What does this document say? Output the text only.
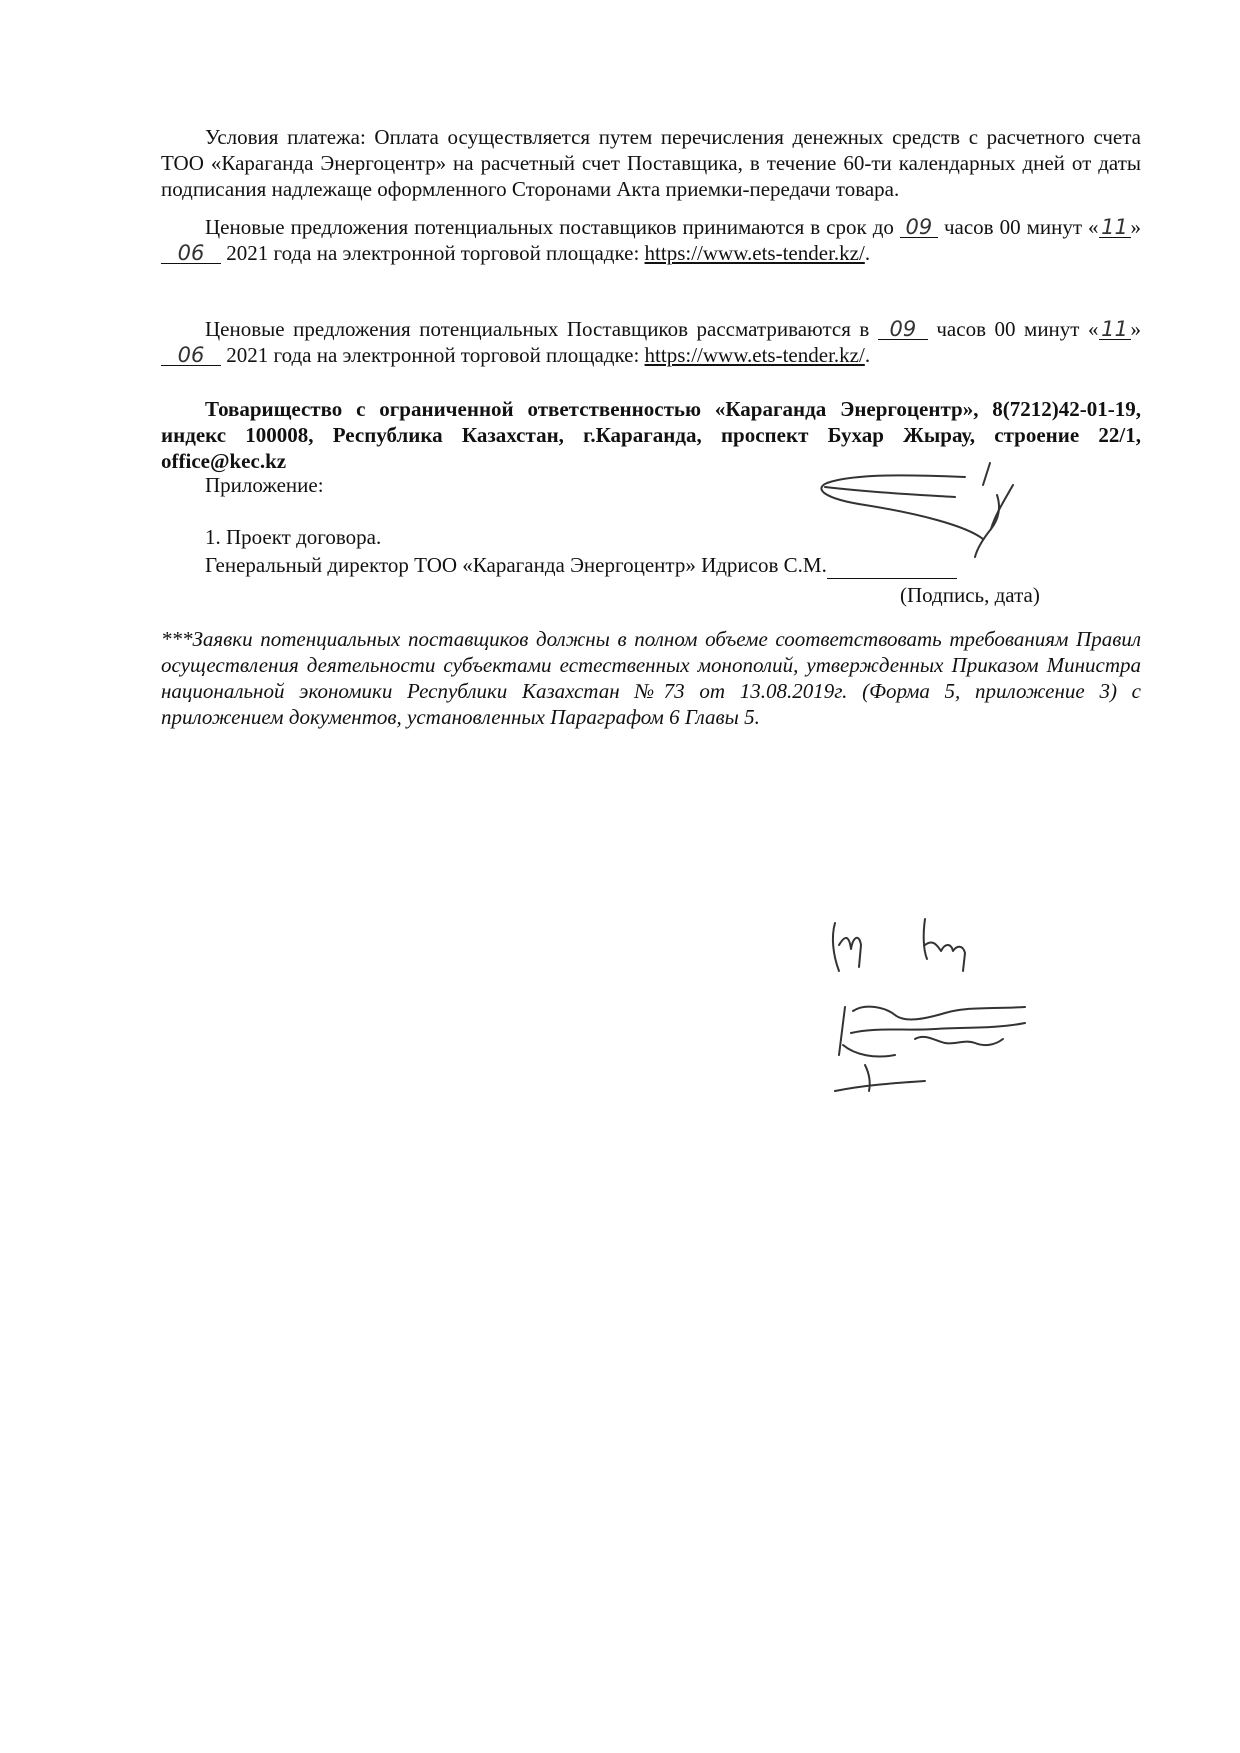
Условия платежа: Оплата осуществляется путем перечисления денежных средств с расчетного счета ТОО «Караганда Энергоцентр» на расчетный счет Поставщика, в течение 60-ти календарных дней от даты подписания надлежаще оформленного Сторонами Акта приемки-передачи товара.

Ценовые предложения потенциальных поставщиков принимаются в срок до 09 часов 00 минут « 11 » 06 2021 года на электронной торговой площадке: https://www.ets-tender.kz/.

Ценовые предложения потенциальных Поставщиков рассматриваются в 09 часов 00 минут « 11 » 06 2021 года на электронной торговой площадке: https://www.ets-tender.kz/.

Товарищество с ограниченной ответственностью «Караганда Энергоцентр», 8(7212)42-01-19, индекс 100008, Республика Казахстан, г.Караганда, проспект Бухар Жырау, строение 22/1, office@kec.kz

Приложение:
1. Проект договора.
Генеральный директор ТОО «Караганда Энергоцентр» Идрисов С.М.
(Подпись, дата)

***Заявки потенциальных поставщиков должны в полном объеме соответствовать требованиям Правил осуществления деятельности субъектами естественных монополий, утвержденных Приказом Министра национальной экономики Республики Казахстан №73 от 13.08.2019г. (Форма 5, приложение 3) с приложением документов, установленных Параграфом 6 Главы 5.
